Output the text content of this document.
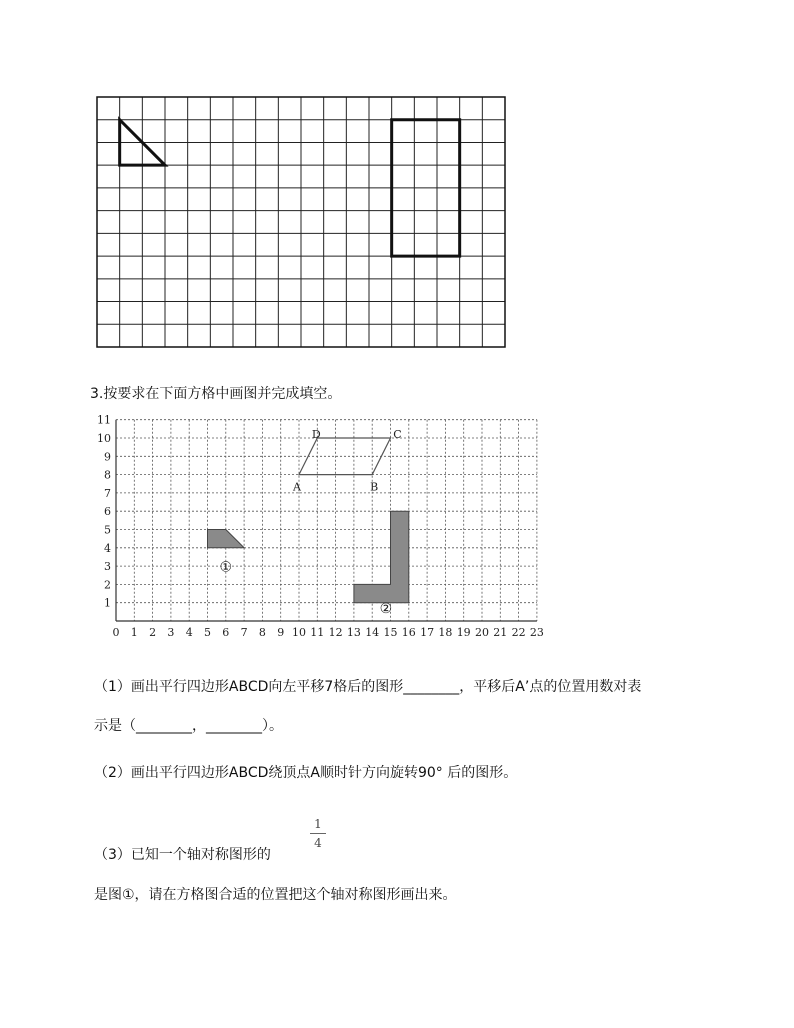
3.按要求在下面方格中画图并完成填空。
0 1 2 3 4 5 6 7 8 9 10 11 12 13 14 15 16 17 18 19 20 21 22 23
1
2
3
4
5
6
7
8
9
10
11
①
②
A	B
C
D
（1）画出平行四边形ABCD向左平移7格后的图形________，平移后A’点的位置用数对表
示是（________，________）。
（2）画出平行四边形ABCD绕顶点A顺时针方向旋转90° 后的图形。
1
4
（3）已知一个轴对称图形的
是图①，请在方格图合适的位置把这个轴对称图形画出来。
